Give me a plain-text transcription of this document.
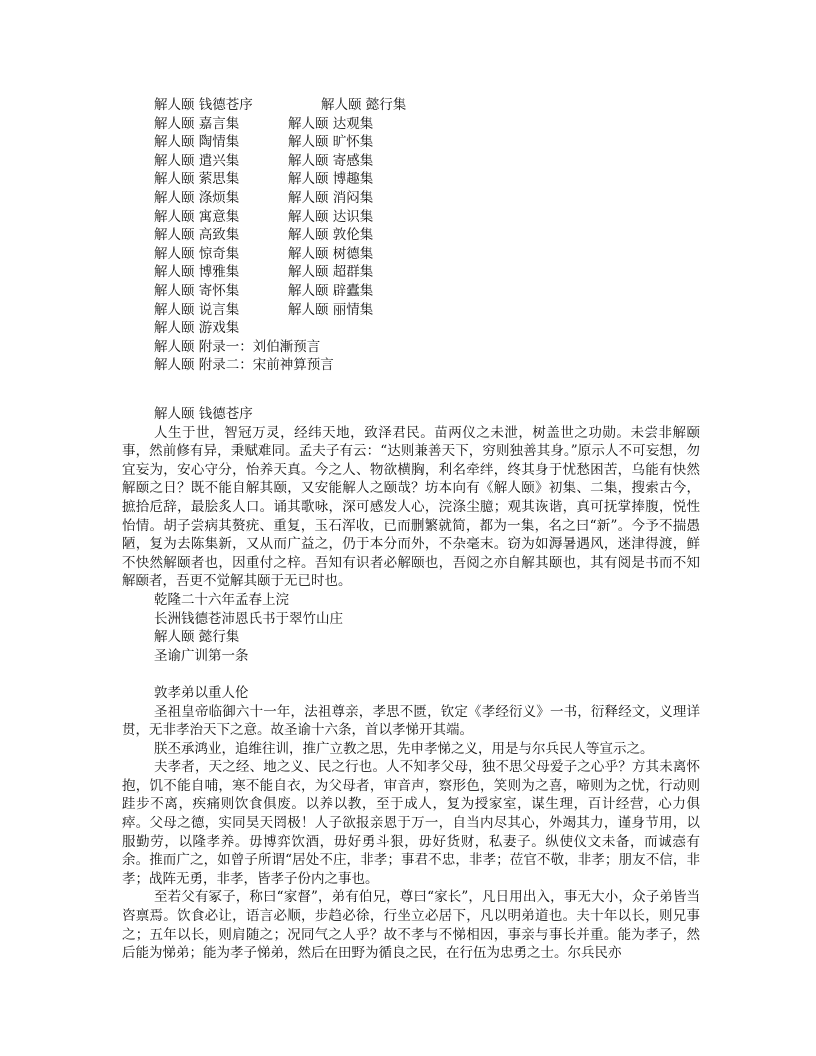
解人颐 钱德苍序	解人颐 懿行集
解人颐 嘉言集	解人颐 达观集
解人颐 陶情集	解人颐 旷怀集
解人颐 遣兴集	解人颐 寄感集
解人颐 萦思集	解人颐 博趣集
解人颐 涤烦集	解人颐 消闷集
解人颐 寓意集	解人颐 达识集
解人颐 高致集	解人颐 敦伦集
解人颐 惊奇集	解人颐 树德集
解人颐 博雅集	解人颐 超群集
解人颐 寄怀集	解人颐 辟蠹集
解人颐 说言集	解人颐 丽情集
解人颐 游戏集
解人颐 附录一：刘伯漸预言
解人颐 附录二：宋前神算预言

解人颐 钱德苍序

人生于世，智冠万灵，经纬天地，致泽君民。苗两仪之未泄，树盖世之功勋。未尝非解颐事，然前修有异，秉赋难同。孟夫子有云：“达则兼善天下，穷则独善其身。”原示人不可妄想，勿宜妄为，安心守分，怡养天真。今之人、物欲横胸，利名牵绊，终其身于忧愁困苦，乌能有快然解颐之日？既不能自解其颐，又安能解人之颐哉？坊本向有《解人颐》初集、二集，搜索古今，摭拾卮辞，最脍炙人口。诵其歌咏，深可感发人心，浣涤尘臆；观其诙谐，真可抚掌捧腹，悦性怡情。胡子尝病其赘疣、重复，玉石浑收，已而删繁就简，都为一集，名之曰“新”。今予不揣愚陋，复为去陈集新，又从而广益之，仍于本分而外，不杂毫末。窃为如溽暑遇风，迷津得渡，鲜不快然解颐者也，因重付之梓。吾知有识者必解颐也，吾阅之亦自解其颐也，其有阅是书而不知解颐者，吾更不觉解其颐于无已时也。

乾隆二十六年孟春上浣

长洲钱德苍沛恩氏书于翠竹山庄

解人颐 懿行集

圣谕广训第一条

敦孝弟以重人伦

圣祖皇帝临御六十一年，法祖尊亲，孝思不匮，钦定《孝经衍义》一书，衍释经文，义理详贯，无非孝治天下之意。故圣谕十六条，首以孝悌开其端。

朕丕承鸿业，追维往训，推广立教之思，先申孝悌之义，用是与尔兵民人等宣示之。

夫孝者，天之经、地之义、民之行也。人不知孝父母，独不思父母爱子之心乎？方其未离怀抱，饥不能自哺，寒不能自衣，为父母者，审音声，察形色，笑则为之喜，啼则为之忧，行动则跬步不离，疾痛则饮食俱废。以养以教，至于成人，复为授家室，谋生理，百计经营，心力俱瘁。父母之德，实同昊天罔极！人子欲报亲恩于万一，自当内尽其心，外竭其力，谨身节用，以服勤劳，以隆孝养。毋博弈饮酒，毋好勇斗狠，毋好货财，私妻子。纵使仪文未备，而诚悫有余。推而广之，如曾子所谓“居处不庄，非孝；事君不忠，非孝；莅官不敬，非孝；朋友不信，非孝；战阵无勇，非孝，皆孝子份内之事也。

至若父有冢子，称曰“家督”，弟有伯兄，尊曰“家长”，凡日用出入，事无大小，众子弟皆当咨禀焉。饮食必让，语言必顺，步趋必徐，行坐立必居下，凡以明弟道也。夫十年以长，则兄事之；五年以长，则肩随之；况同气之人乎？故不孝与不悌相因，事亲与事长并重。能为孝子，然后能为悌弟；能为孝子悌弟，然后在田野为循良之民，在行伍为忠勇之士。尔兵民亦
